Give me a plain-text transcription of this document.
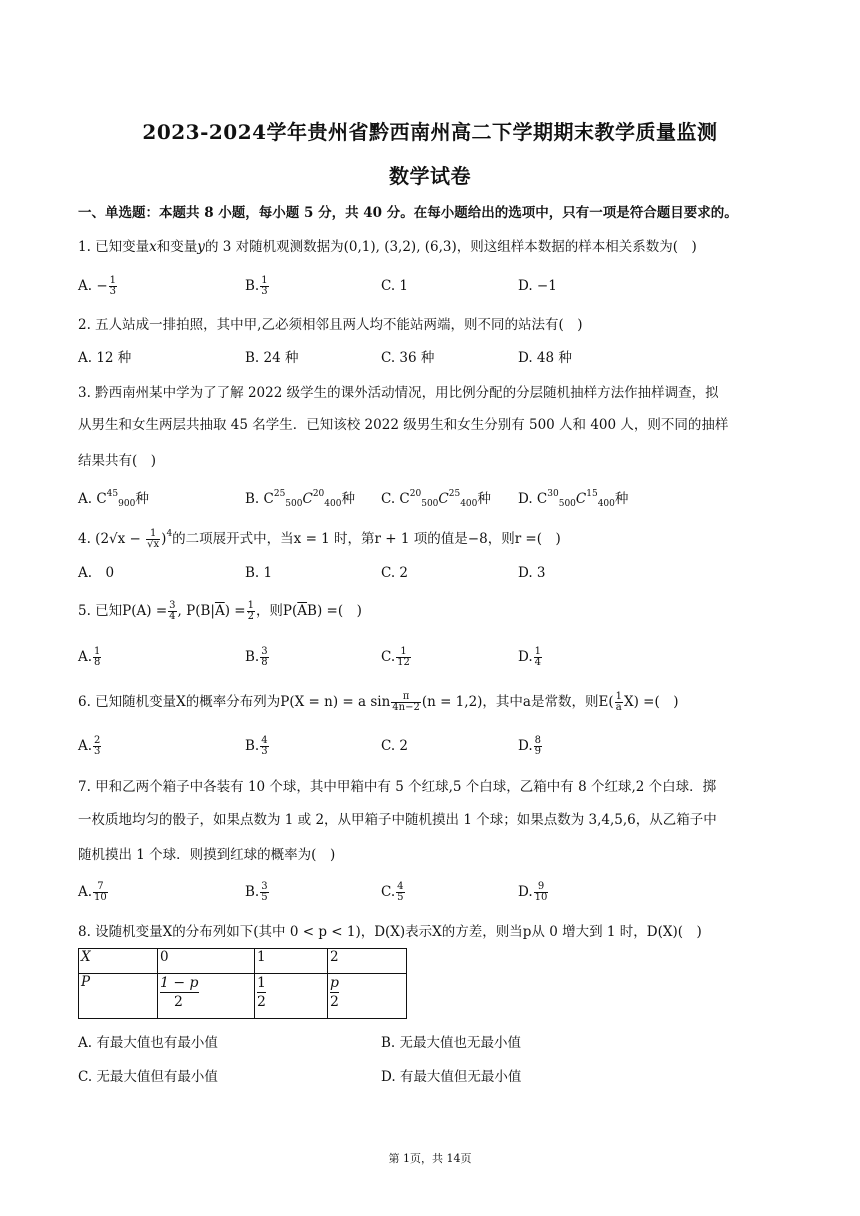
2023-2024学年贵州省黔西南州高二下学期期末教学质量监测
数学试卷
一、单选题：本题共 8 小题，每小题 5 分，共 40 分。在每小题给出的选项中，只有一项是符合题目要求的。
1. 已知变量x和变量y的 3 对随机观测数据为(0,1), (3,2), (6,3)，则这组样本数据的样本相关系数为(　)
A. − $\frac{1}{3}$	B. $\frac{1}{3}$	C. 1	D. −1
2. 五人站成一排拍照，其中甲,乙必须相邻且两人均不能站两端，则不同的站法有(　)
A. 12 种	B. 24 种	C. 36 种	D. 48 种
3. 黔西南州某中学为了了解 2022 级学生的课外活动情况，用比例分配的分层随机抽样方法作抽样调查，拟
从男生和女生两层共抽取 45 名学生．已知该校 2022 级男生和女生分别有 500 人和 400 人，则不同的抽样
结果共有(　)
A. $C^{45}_{900}$种	B. $C^{25}_{500}C^{20}_{400}$种 C. $C^{20}_{500}C^{25}_{400}$种 D. $C^{30}_{500}C^{15}_{400}$种
4. $(2√x - \frac{1}{√x} )^4$的二项展开式中，当x = 1 时，第r + 1 项的值是−8，则r =(　)
A.　0	B. 1	C. 2	D. 3
5. 已知$P(A) = \frac{3}{4}$ , $P(B|\overline{A}) = \frac{1}{2}$ ，则$P(\overline{A}B)$ =(　)
A. $\frac{1}{8}$	B. $\frac{3}{8}$	C. $\frac{1}{12}$	D. $\frac{1}{4}$
6. 已知随机变量X的概率分布列为P(X = n) = a $\sin \frac{\pi}{4n-2} (n = 1,2)$，其中a是常数，则$E( \frac{1}{a} X)$ =(　)
A. $\frac{2}{3}$	B. $\frac{4}{3}$	C. 2	D. $\frac{8}{9}$
7. 甲和乙两个箱子中各装有 10 个球，其中甲箱中有 5 个红球,5 个白球，乙箱中有 8 个红球,2 个白球．掷
一枚质地均匀的骰子，如果点数为 1 或 2，从甲箱子中随机摸出 1 个球；如果点数为 3,4,5,6，从乙箱子中
随机摸出 1 个球．则摸到红球的概率为(　)
A. $\frac{7}{10}$	B. $\frac{3}{5}$	C. $\frac{4}{5}$	D. $\frac{9}{10}$
8. 设随机变量X的分布列如下(其中 0 < p < 1)，D(X)表示X的方差，则当p从 0 增大到 1 时，D(X)(　)
X	0	1	2
P	$\frac{1 - p}{2}$	$\frac{1}{2}$	$\frac{p}{2}$
A. 有最大值也有最小值	B. 无最大值也无最小值
C. 无最大值但有最小值	D. 有最大值但无最小值
第 1页，共 14页
